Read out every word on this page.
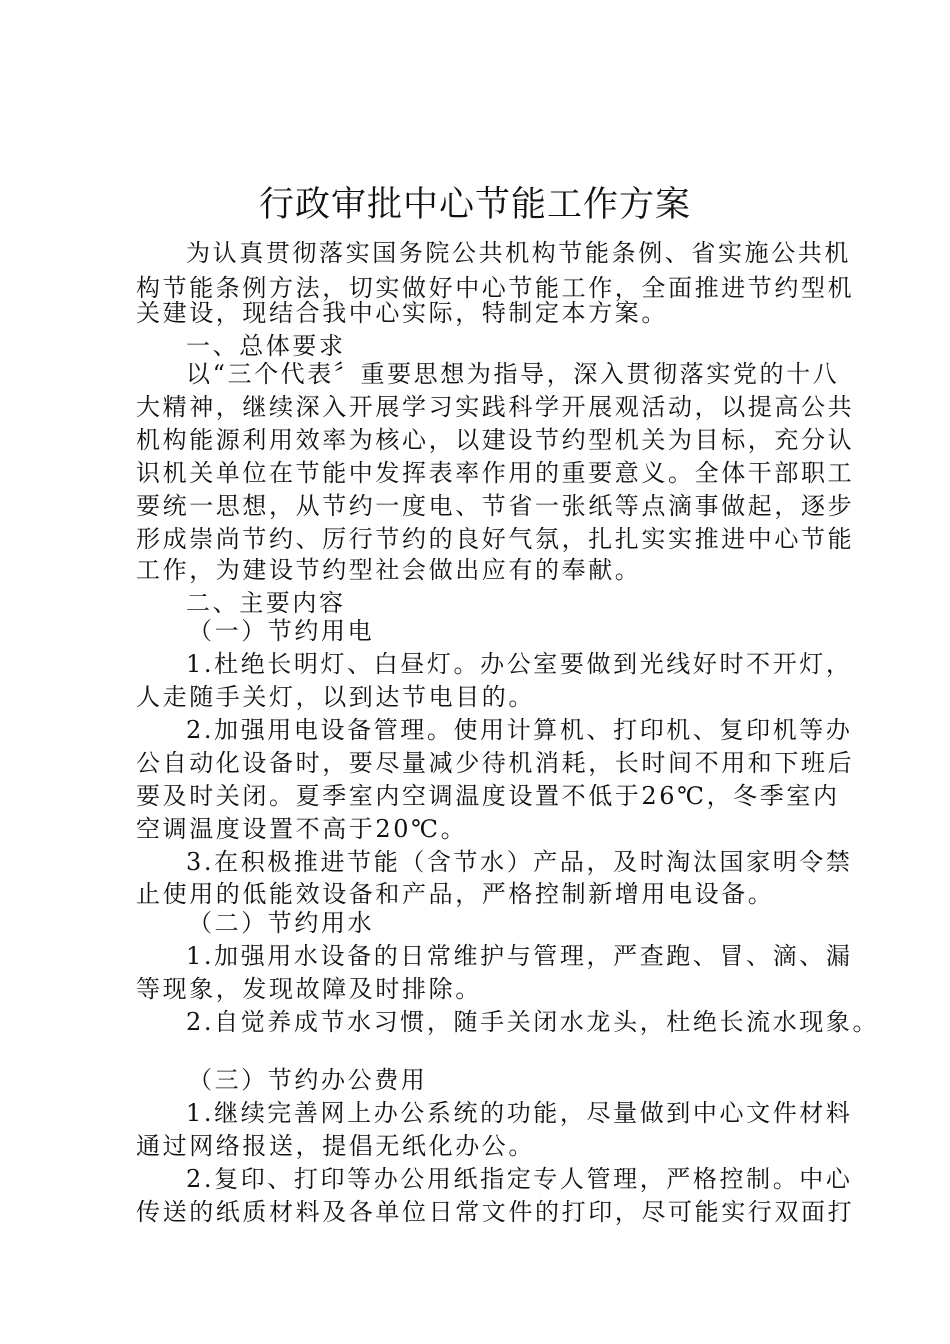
行政审批中心节能工作方案
为认真贯彻落实国务院公共机构节能条例、省实施公共机
构节能条例方法，切实做好中心节能工作，全面推进节约型机
关建设，现结合我中心实际，特制定本方案。
一、总体要求
以“三个代表〞重要思想为指导，深入贯彻落实党的十八
大精神，继续深入开展学习实践科学开展观活动，以提高公共
机构能源利用效率为核心，以建设节约型机关为目标，充分认
识机关单位在节能中发挥表率作用的重要意义。全体干部职工
要统一思想，从节约一度电、节省一张纸等点滴事做起，逐步
形成崇尚节约、厉行节约的良好气氛，扎扎实实推进中心节能
工作，为建设节约型社会做出应有的奉献。
二、主要内容
（一）节约用电
1.杜绝长明灯、白昼灯。办公室要做到光线好时不开灯，
人走随手关灯，以到达节电目的。
2.加强用电设备管理。使用计算机、打印机、复印机等办
公自动化设备时，要尽量减少待机消耗，长时间不用和下班后
要及时关闭。夏季室内空调温度设置不低于26℃，冬季室内
空调温度设置不高于20℃。
3.在积极推进节能（含节水）产品，及时淘汰国家明令禁
止使用的低能效设备和产品，严格控制新增用电设备。
（二）节约用水
1.加强用水设备的日常维护与管理，严查跑、冒、滴、漏
等现象，发现故障及时排除。
2.自觉养成节水习惯，随手关闭水龙头，杜绝长流水现象。
（三）节约办公费用
1.继续完善网上办公系统的功能，尽量做到中心文件材料
通过网络报送，提倡无纸化办公。
2.复印、打印等办公用纸指定专人管理，严格控制。中心
传送的纸质材料及各单位日常文件的打印，尽可能实行双面打
